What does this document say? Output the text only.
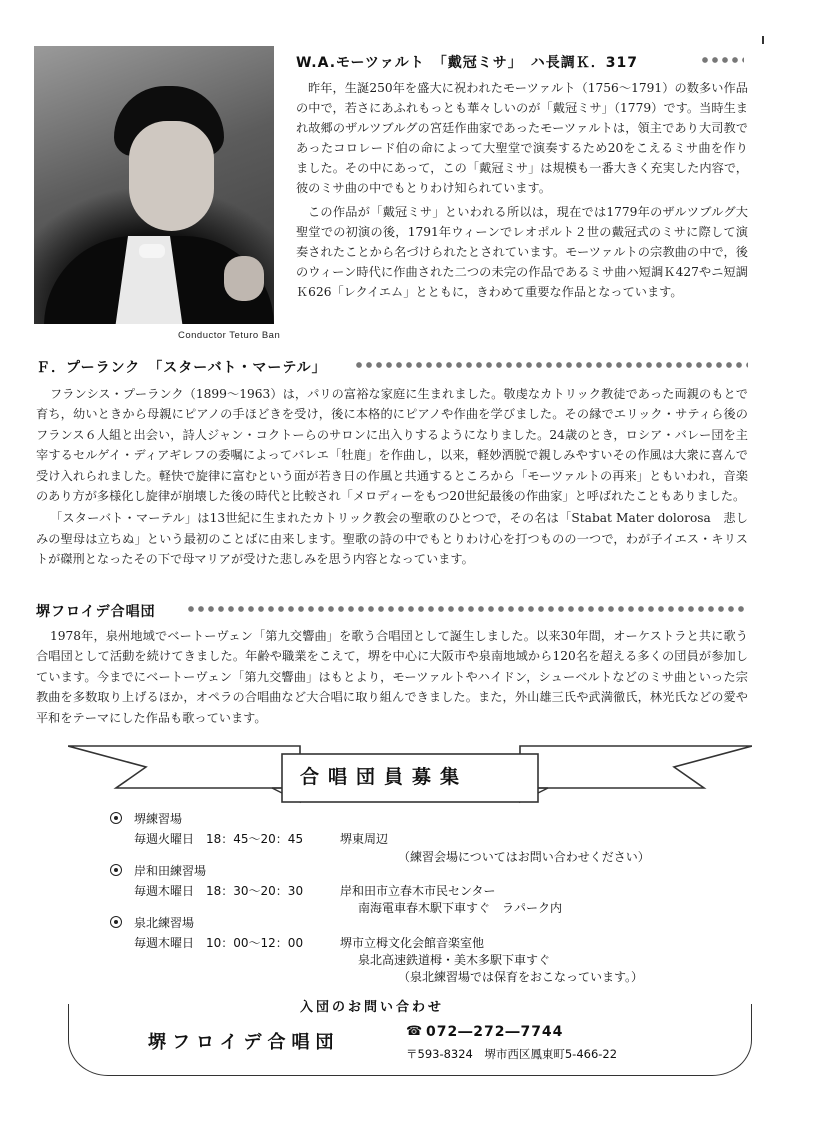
Conductor Teturo Ban
W.A.モーツァルト　「戴冠ミサ」　ハ長調Ｋ．317

昨年，生誕250年を盛大に祝われたモーツァルト（1756～1791）の数多い作品の中で，若さにあふれもっとも華々しいのが「戴冠ミサ」（1779）です。当時生まれ故郷のザルツブルグの宮廷作曲家であったモーツァルトは，領主であり大司教であったコロレード伯の命によって大聖堂で演奏するため20をこえるミサ曲を作りました。その中にあって，この「戴冠ミサ」は規模も一番大きく充実した内容で，彼のミサ曲の中でもとりわけ知られています。

この作品が「戴冠ミサ」といわれる所以は，現在では1779年のザルツブルグ大聖堂での初演の後，1791年ウィーンでレオポルト２世の戴冠式のミサに際して演奏されたことから名づけられたとされています。モーツァルトの宗教曲の中で，後のウィーン時代に作曲された二つの未完の作品であるミサ曲ハ短調Ｋ427やニ短調Ｋ626「レクイエム」とともに，きわめて重要な作品となっています。

Ｆ．プーランク　「スターバト・マーテル」

フランシス・プーランク（1899～1963）は，パリの富裕な家庭に生まれました。敬虔なカトリック教徒であった両親のもとで育ち，幼いときから母親にピアノの手ほどきを受け，後に本格的にピアノや作曲を学びました。その縁でエリック・サティら後のフランス６人組と出会い，詩人ジャン・コクトーらのサロンに出入りするようになりました。24歳のとき，ロシア・バレー団を主宰するセルゲイ・ディアギレフの委嘱によってバレエ「牡鹿」を作曲し，以来，軽妙洒脱で親しみやすいその作風は大衆に喜んで受け入れられました。軽快で旋律に富むという面が若き日の作風と共通するところから「モーツァルトの再来」ともいわれ，音楽のあり方が多様化し旋律が崩壊した後の時代と比較され「メロディーをもつ20世紀最後の作曲家」と呼ばれたこともありました。

「スターバト・マーテル」は13世紀に生まれたカトリック教会の聖歌のひとつで，その名は「Stabat Mater dolorosa　悲しみの聖母は立ちぬ」という最初のことばに由来します。聖歌の詩の中でもとりわけ心を打つものの一つで，わが子イエス・キリストが磔刑となったその下で母マリアが受けた悲しみを思う内容となっています。

堺フロイデ合唱団

1978年，泉州地域でベートーヴェン「第九交響曲」を歌う合唱団として誕生しました。以来30年間，オーケストラと共に歌う合唱団として活動を続けてきました。年齢や職業をこえて，堺を中心に大阪市や泉南地域から120名を超える多くの団員が参加しています。今までにベートーヴェン「第九交響曲」はもとより，モーツァルトやハイドン，シューベルトなどのミサ曲といった宗教曲を多数取り上げるほか，オペラの合唱曲など大合唱に取り組んできました。また，外山雄三氏や武満徹氏，林光氏などの愛や平和をテーマにした作品も歌っています。

合唱団員募集
堺練習場
毎週火曜日　18：45～20：45	堺東周辺
（練習会場についてはお問い合わせください）
岸和田練習場
毎週木曜日　18：30～20：30	岸和田市立春木市民センター
南海電車春木駅下車すぐ　ラパーク内
泉北練習場
毎週木曜日　10：00～12：00	堺市立栂文化会館音楽室他
泉北高速鉄道栂・美木多駅下車すぐ
（泉北練習場では保育をおこなっています。）
入団のお問い合わせ
堺フロイデ合唱団
☎ 072―272―7744
〒593-8324　堺市西区鳳東町5-466-22
